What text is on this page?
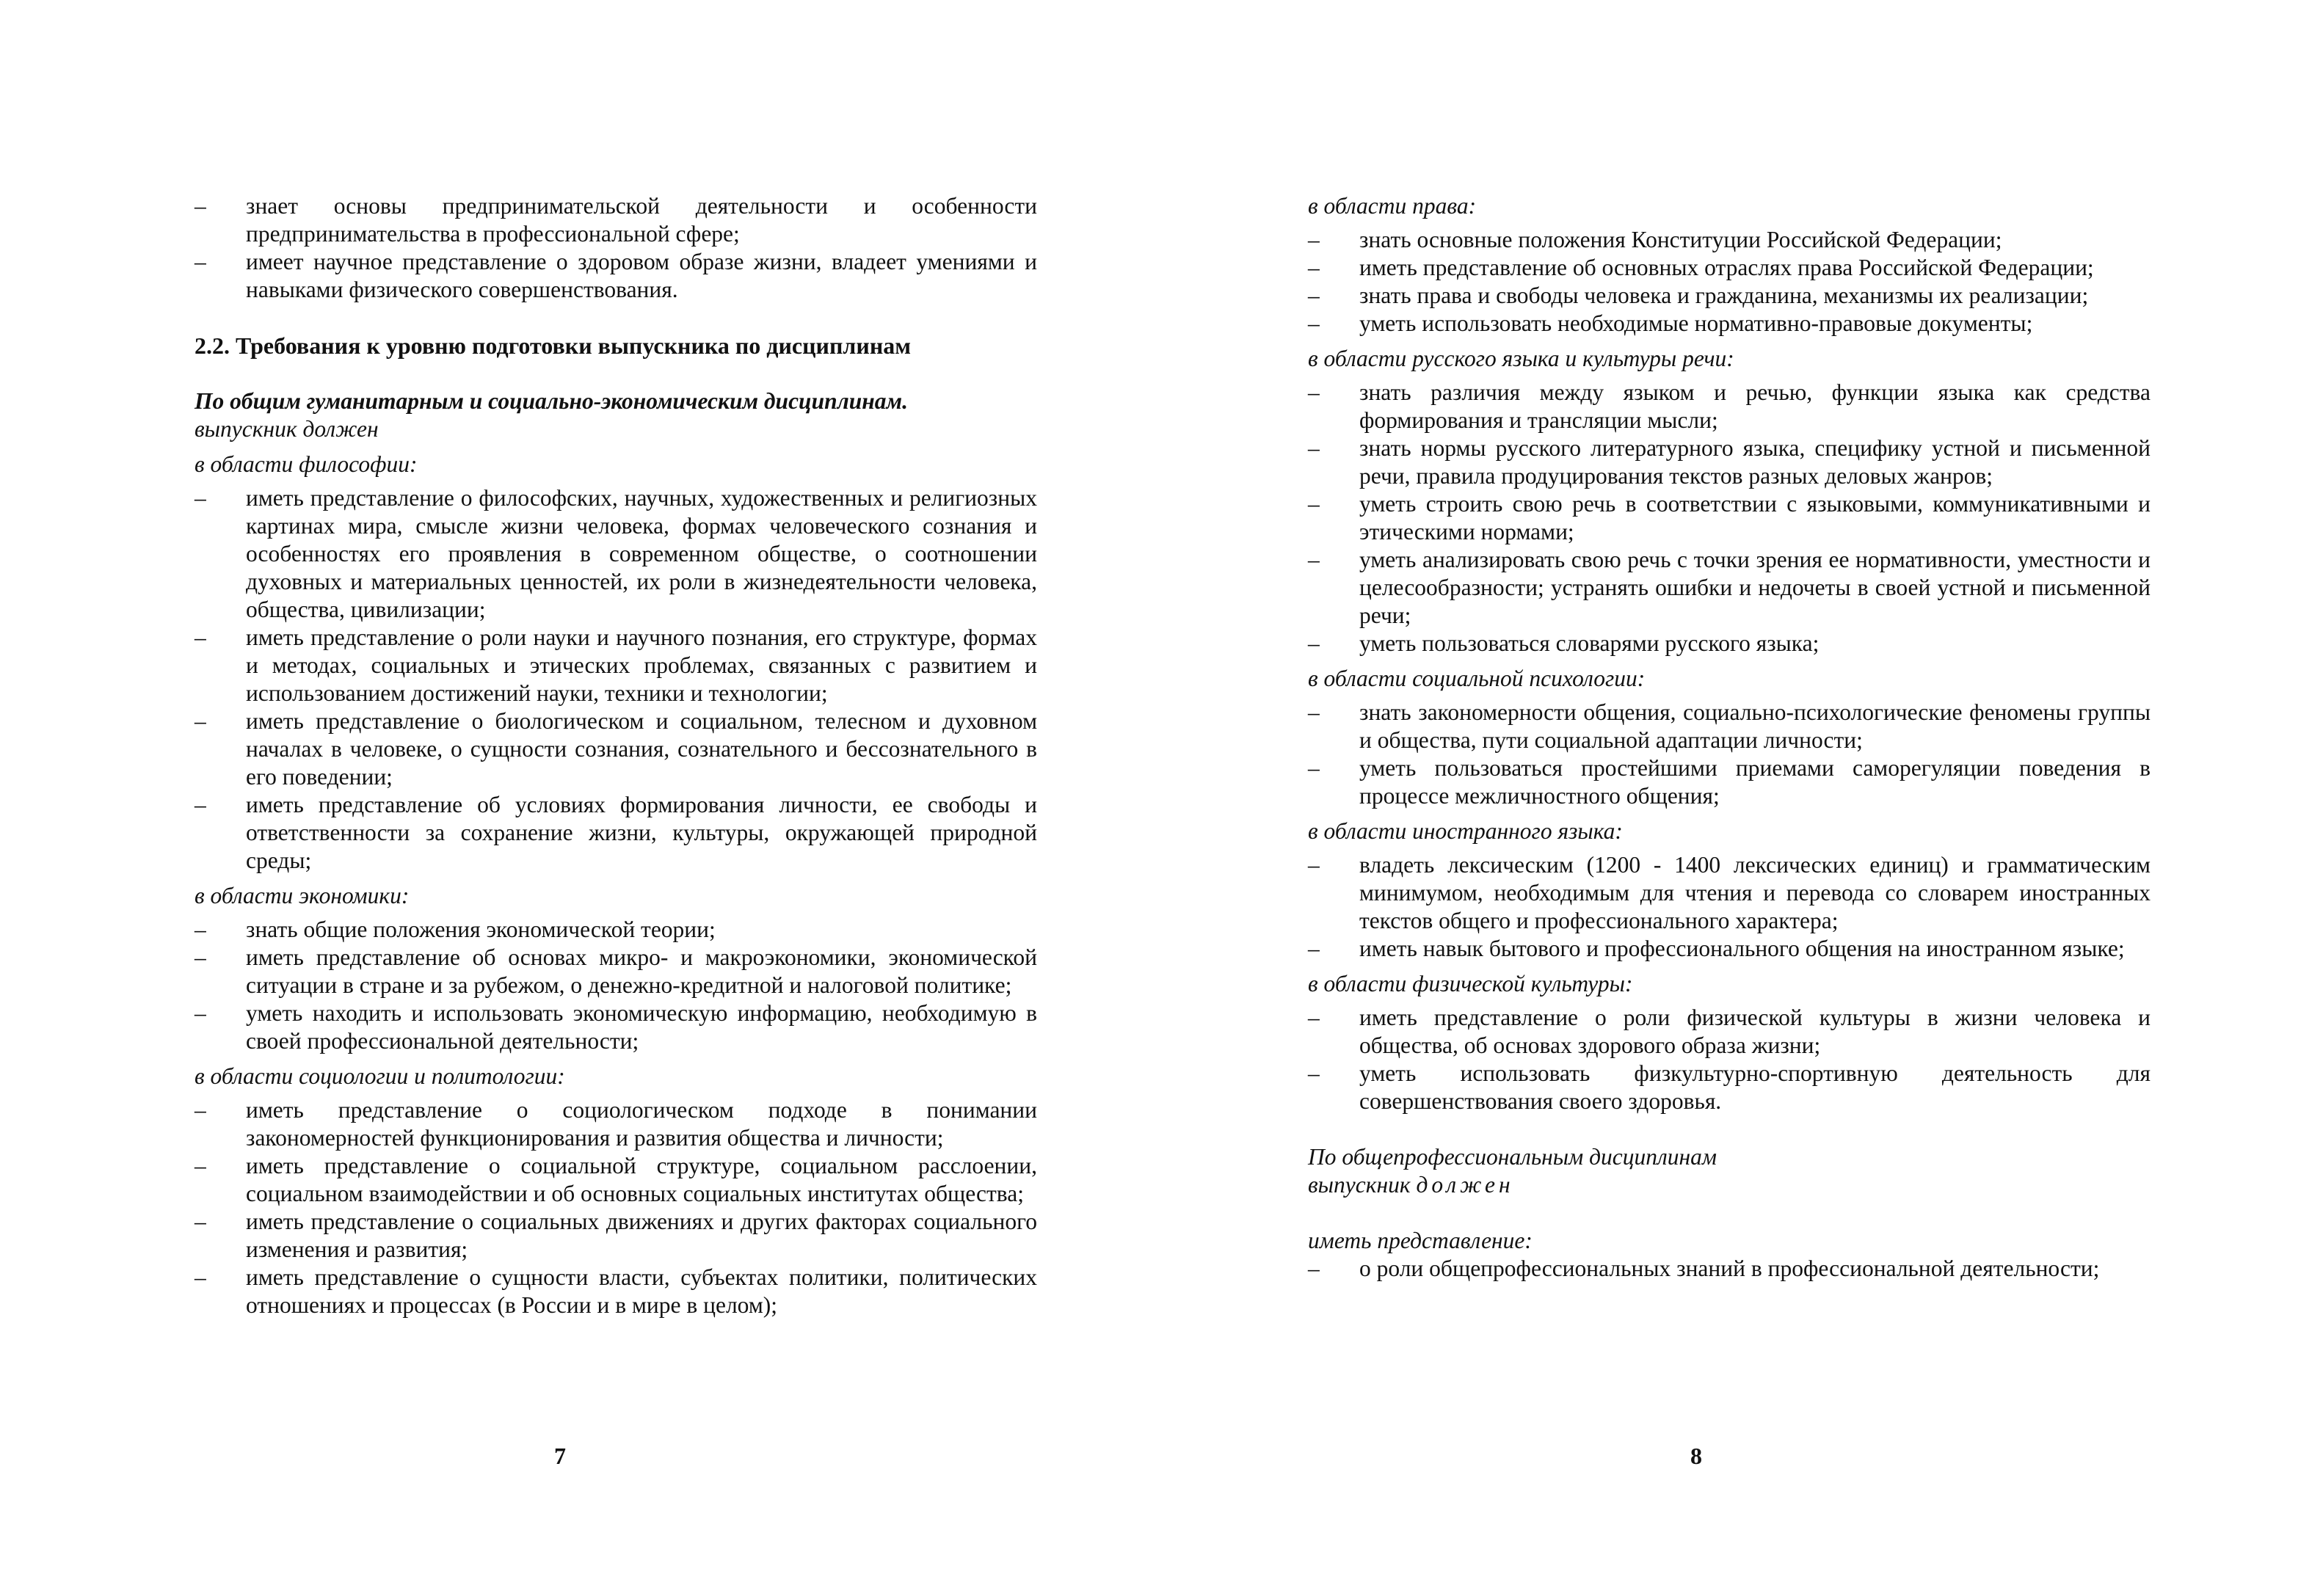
– знает основы предпринимательской деятельности и особенности предпринимательства в профессиональной сфере;
– имеет научное представление о здоровом образе жизни, владеет умениями и навыками физического совершенствования.
2.2. Требования к уровню подготовки выпускника по дисциплинам
По общим гуманитарным и социально-экономическим дисциплинам.
выпускник должен
в области философии:
– иметь представление о философских, научных, художественных и религиозных картинах мира, смысле жизни человека, формах человеческого сознания и особенностях его проявления в современном обществе, о соотношении духовных и материальных ценностей, их роли в жизнедеятельности человека, общества, цивилизации;
– иметь представление о роли науки и научного познания, его структуре, формах и методах, социальных и этических проблемах, связанных с развитием и использованием достижений науки, техники и технологии;
– иметь представление о биологическом и социальном, телесном и духовном началах в человеке, о сущности сознания, сознательного и бессознательного в его поведении;
– иметь представление об условиях формирования личности, ее свободы и ответственности за сохранение жизни, культуры, окружающей природной среды;
в области экономики:
– знать общие положения экономической теории;
– иметь представление об основах микро- и макроэкономики, экономической ситуации в стране и за рубежом, о денежно-кредитной и налоговой политике;
– уметь находить и использовать экономическую информацию, необходимую в своей профессиональной деятельности;
в области социологии и политологии:
– иметь представление о социологическом подходе в понимании закономерностей функционирования и развития общества и личности;
– иметь представление о социальной структуре, социальном расслоении, социальном взаимодействии и об основных социальных институтах общества;
– иметь представление о социальных движениях и других факторах социального изменения и развития;
– иметь представление о сущности власти, субъектах политики, политических отношениях и процессах (в России и в мире в целом);
7
в области права:
– знать основные положения Конституции Российской Федерации;
– иметь представление об основных отраслях права Российской Федерации;
– знать права и свободы человека и гражданина, механизмы их реализации;
– уметь использовать необходимые нормативно-правовые документы;
в области русского языка и культуры речи:
– знать различия между языком и речью, функции языка как средства формирования и трансляции мысли;
– знать нормы русского литературного языка, специфику устной и письменной речи, правила продуцирования текстов разных деловых жанров;
– уметь строить свою речь в соответствии с языковыми, коммуникативными и этическими нормами;
– уметь анализировать свою речь с точки зрения ее нормативности, уместности и целесообразности; устранять ошибки и недочеты в своей устной и письменной речи;
– уметь пользоваться словарями русского языка;
в области социальной психологии:
– знать закономерности общения, социально-психологические феномены группы и общества, пути социальной адаптации личности;
– уметь пользоваться простейшими приемами саморегуляции поведения в процессе межличностного общения;
в области иностранного языка:
– владеть лексическим (1200 - 1400 лексических единиц) и грамматическим минимумом, необходимым для чтения и перевода со словарем иностранных текстов общего и профессионального характера;
– иметь навык бытового и профессионального общения на иностранном языке;
в области физической культуры:
– иметь представление о роли физической культуры в жизни человека и общества, об основах здорового образа жизни;
– уметь использовать физкультурно-спортивную деятельность для совершенствования своего здоровья.
По общепрофессиональным дисциплинам
выпускник должен
иметь представление:
– о роли общепрофессиональных знаний в профессиональной деятельности;
8
